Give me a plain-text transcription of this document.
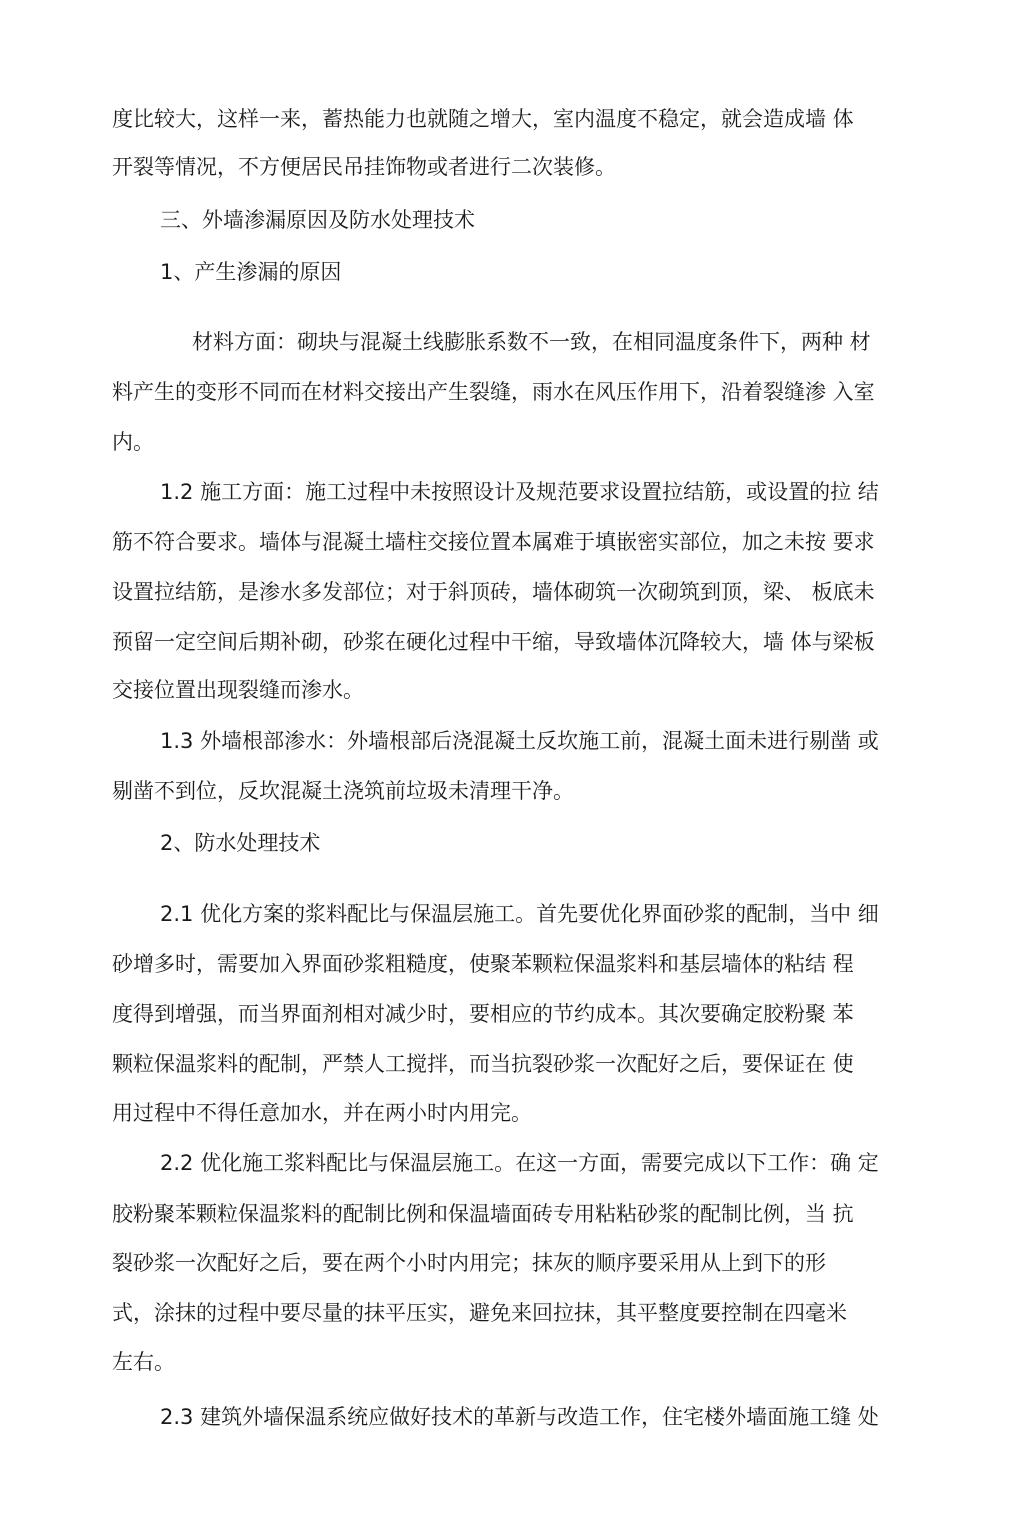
度比较大，这样一来，蓄热能力也就随之增大，室内温度不稳定，就会造成墙 体
开裂等情况，不方便居民吊挂饰物或者进行二次装修。
三、外墙渗漏原因及防水处理技术
1、产生渗漏的原因
材料方面：砌块与混凝土线膨胀系数不一致，在相同温度条件下，两种 材
料产生的变形不同而在材料交接出产生裂缝，雨水在风压作用下，沿着裂缝渗 入室
内。
1.2 施工方面：施工过程中未按照设计及规范要求设置拉结筋，或设置的拉 结
筋不符合要求。墙体与混凝土墙柱交接位置本属难于填嵌密实部位，加之未按 要求
设置拉结筋，是渗水多发部位；对于斜顶砖，墙体砌筑一次砌筑到顶，梁、 板底未
预留一定空间后期补砌，砂浆在硬化过程中干缩，导致墙体沉降较大，墙 体与梁板
交接位置出现裂缝而渗水。
1.3 外墙根部渗水：外墙根部后浇混凝土反坎施工前，混凝土面未进行剔凿 或
剔凿不到位，反坎混凝土浇筑前垃圾未清理干净。
2、防水处理技术
2.1 优化方案的浆料配比与保温层施工。首先要优化界面砂浆的配制，当中 细
砂增多时，需要加入界面砂浆粗糙度，使聚苯颗粒保温浆料和基层墙体的粘结 程
度得到增强，而当界面剂相对减少时，要相应的节约成本。其次要确定胶粉聚 苯
颗粒保温浆料的配制，严禁人工搅拌，而当抗裂砂浆一次配好之后，要保证在 使
用过程中不得任意加水，并在两小时内用完。
2.2 优化施工浆料配比与保温层施工。在这一方面，需要完成以下工作：确 定
胶粉聚苯颗粒保温浆料的配制比例和保温墙面砖专用粘粘砂浆的配制比例，当 抗
裂砂浆一次配好之后，要在两个小时内用完；抹灰的顺序要采用从上到下的形
式，涂抹的过程中要尽量的抹平压实，避免来回拉抹，其平整度要控制在四毫米
左右。
2.3 建筑外墙保温系统应做好技术的革新与改造工作，住宅楼外墙面施工缝 处
